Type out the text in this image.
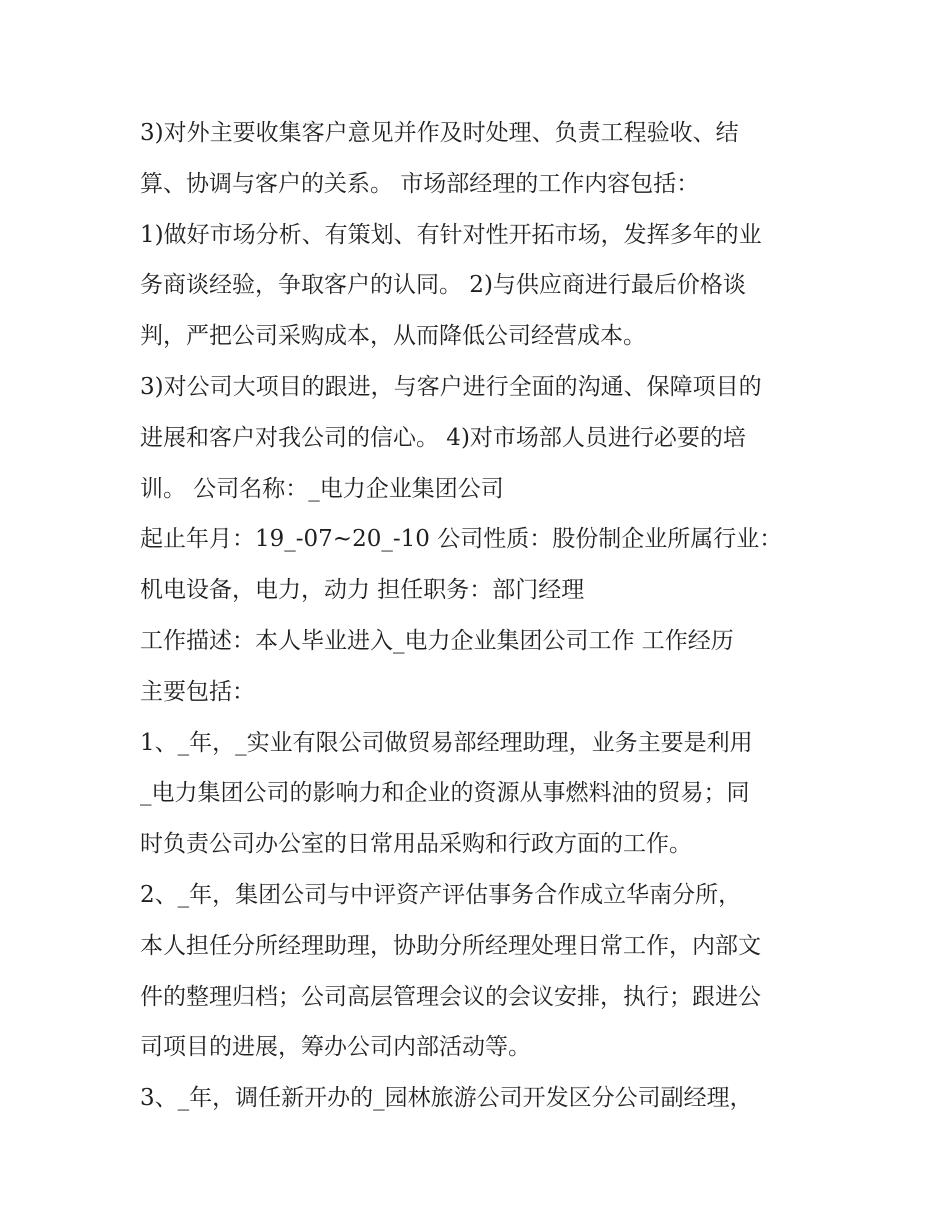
3)对外主要收集客户意见并作及时处理、负责工程验收、结
算、协调与客户的关系。 市场部经理的工作内容包括：
1)做好市场分析、有策划、有针对性开拓市场，发挥多年的业
务商谈经验，争取客户的认同。 2)与供应商进行最后价格谈
判，严把公司采购成本，从而降低公司经营成本。
3)对公司大项目的跟进，与客户进行全面的沟通、保障项目的
进展和客户对我公司的信心。 4)对市场部人员进行必要的培
训。 公司名称：_电力企业集团公司
起止年月：19_-07~20_-10 公司性质：股份制企业所属行业：
机电设备，电力，动力 担任职务：部门经理
工作描述：本人毕业进入_电力企业集团公司工作 工作经历
主要包括：
1、_年，_实业有限公司做贸易部经理助理，业务主要是利用
_电力集团公司的影响力和企业的资源从事燃料油的贸易；同
时负责公司办公室的日常用品采购和行政方面的工作。
2、_年，集团公司与中评资产评估事务合作成立华南分所，
本人担任分所经理助理，协助分所经理处理日常工作，内部文
件的整理归档；公司高层管理会议的会议安排，执行；跟进公
司项目的进展，筹办公司内部活动等。
3、_年，调任新开办的_园林旅游公司开发区分公司副经理，
